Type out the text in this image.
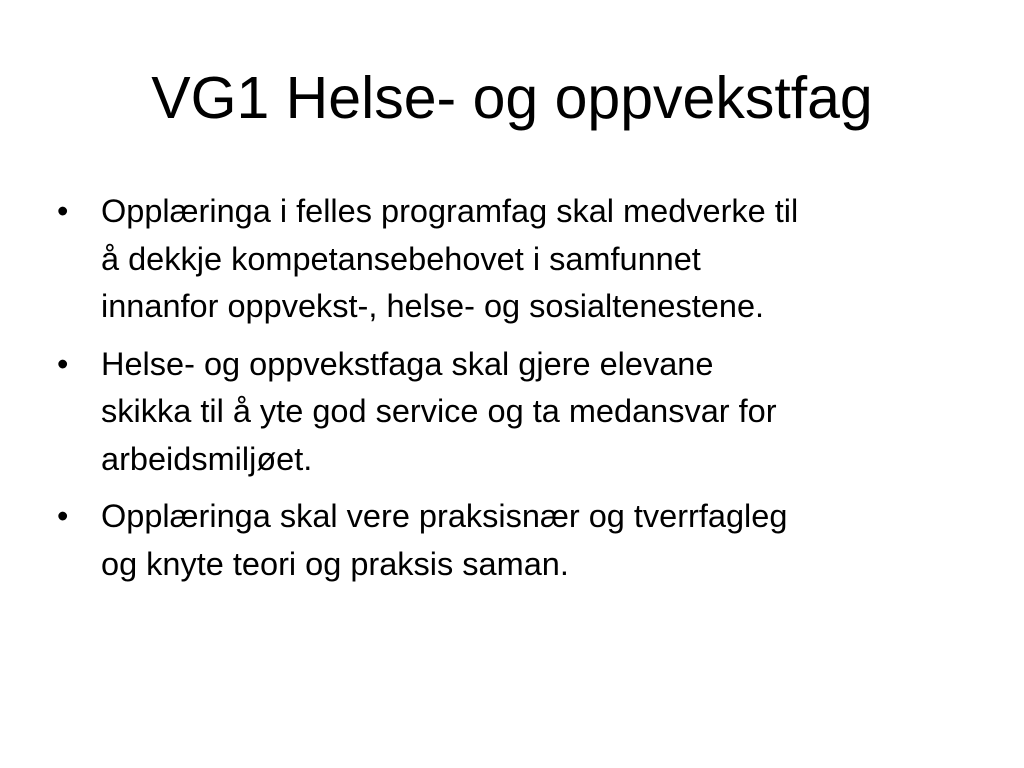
VG1 Helse- og oppvekstfag
•	Opplæringa i felles programfag skal medverke til
å dekkje kompetansebehovet i samfunnet
innanfor oppvekst-, helse- og sosialtenestene.
•	Helse- og oppvekstfaga skal gjere elevane
skikka til å yte god service og ta medansvar for
arbeidsmiljøet.
•	Opplæringa skal vere praksisnær og tverrfagleg
og knyte teori og praksis saman.
